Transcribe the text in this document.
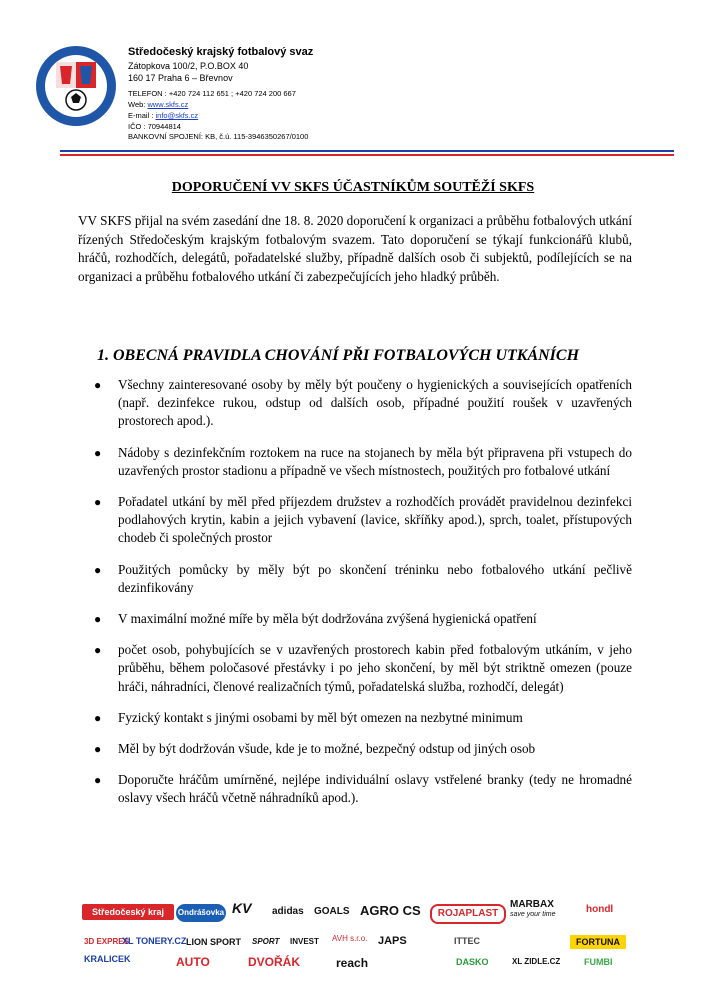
Středočeský krajský fotbalový svaz
Zátopkova 100/2, P.O.BOX 40
160 17 Praha 6 – Břevnov
TELEFON : +420 724 112 651 ; +420 724 200 667
Web: www.skfs.cz
E-mail : info@skfs.cz
IČO : 70944814
BANKOVNÍ SPOJENÍ: KB, č.ú. 115-3946350267/0100
DOPORUČENÍ VV SKFS ÚČASTNÍKŮM SOUTĚŽÍ SKFS
VV SKFS přijal na svém zasedání dne 18. 8. 2020 doporučení k organizaci a průběhu fotbalových utkání řízených Středočeským krajským fotbalovým svazem. Tato doporučení se týkají funkcionářů klubů, hráčů, rozhodčích, delegátů, pořadatelské služby, případně dalších osob či subjektů, podílejících se na organizaci a průběhu fotbalového utkání či zabezpečujících jeho hladký průběh.
1. OBECNÁ PRAVIDLA CHOVÁNÍ PŘI FOTBALOVÝCH UTKÁNÍCH
● Všechny zainteresované osoby by měly být poučeny o hygienických a souvisejících opatřeních (např. dezinfekce rukou, odstup od dalších osob, případné použití roušek v uzavřených prostorech apod.).
● Nádoby s dezinfekčním roztokem na ruce na stojanech by měla být připravena při vstupech do uzavřených prostor stadionu a případně ve všech místnostech, použitých pro fotbalové utkání
● Pořadatel utkání by měl před příjezdem družstev a rozhodčích provádět pravidelnou dezinfekci podlahových krytin, kabin a jejich vybavení (lavice, skříňky apod.), sprch, toalet, přístupových chodeb či společných prostor
● Použitých pomůcky by měly být po skončení tréninku nebo fotbalového utkání pečlivě dezinfikovány
● V maximální možné míře by měla být dodržována zvýšená hygienická opatření
● počet osob, pohybujících se v uzavřených prostorech kabin před fotbalovým utkáním, v jeho průběhu, během poločasové přestávky i po jeho skončení, by měl být striktně omezen (pouze hráči, náhradníci, členové realizačních týmů, pořadatelská služba, rozhodčí, delegát)
● Fyzický kontakt s jinými osobami by měl být omezen na nezbytné minimum
● Měl by být dodržován všude, kde je to možné, bezpečný odstup od jiných osob
● Doporučte hráčům umírněné, nejlépe individuální oslavy vstřelené branky (tedy ne hromadné oslavy všech hráčů včetně náhradníků apod.).
Středočeský kraj	Ondrášovka KV adidas GOALS AGRO CS	ROJAPLAST
MARBAX
save your time	hondl
3D EXPRES
XL TONERY.CZ LION SPORT SPORT INVEST AVH s.r.o. JAPS	ITTEC	FORTUNA
KRALICEK	AUTO	DVOŘÁK	reach	DASKO	XL ZIDLE.CZ	FUMBI
